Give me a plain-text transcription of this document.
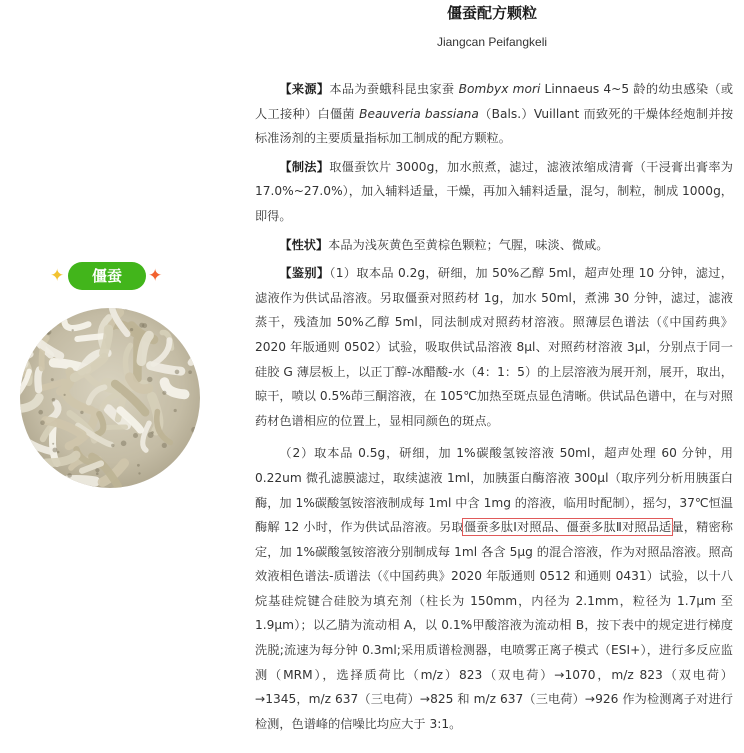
僵蚕配方颗粒
Jiangcan Peifangkeli
✦	僵蚕	✦

【来源】本品为蚕蛾科昆虫家蚕 Bombyx mori Linnaeus 4~5 龄的幼虫感染（或人工接种）白僵菌 Beauveria bassiana（Bals.）Vuillant 而致死的干燥体经炮制并按标准汤剂的主要质量指标加工制成的配方颗粒。

【制法】取僵蚕饮片 3000g，加水煎煮，滤过，滤液浓缩成清膏（干浸膏出膏率为 17.0%~27.0%），加入辅料适量，干燥，再加入辅料适量，混匀，制粒，制成 1000g，即得。

【性状】本品为浅灰黄色至黄棕色颗粒；气腥，味淡、微咸。

【鉴别】（1）取本品 0.2g，研细，加 50%乙醇 5ml，超声处理 10 分钟，滤过，滤液作为供试品溶液。另取僵蚕对照药材 1g，加水 50ml，煮沸 30 分钟，滤过，滤液蒸干，残渣加 50%乙醇 5ml，同法制成对照药材溶液。照薄层色谱法（《中国药典》2020 年版通则 0502）试验，吸取供试品溶液 8μl、对照药材溶液 3μl，分别点于同一硅胶 G 薄层板上，以正丁醇-冰醋酸-水（4：1：5）的上层溶液为展开剂，展开，取出，晾干，喷以 0.5%茚三酮溶液，在 105℃加热至斑点显色清晰。供试品色谱中，在与对照药材色谱相应的位置上，显相同颜色的斑点。

（2）取本品 0.5g，研细，加 1%碳酸氢铵溶液 50ml，超声处理 60 分钟，用 0.22um 微孔滤膜滤过，取续滤液 1ml，加胰蛋白酶溶液 300μl（取序列分析用胰蛋白酶，加 1%碳酸氢铵溶液制成每 1ml 中含 1mg 的溶液，临用时配制），摇匀，37℃恒温酶解 12 小时，作为供试品溶液。另取僵蚕多肽Ⅰ对照品、僵蚕多肽Ⅱ对照品适量，精密称定，加 1%碳酸氢铵溶液分别制成每 1ml 各含 5μg 的混合溶液，作为对照品溶液。照高效液相色谱法-质谱法（《中国药典》2020 年版通则 0512 和通则 0431）试验，以十八烷基硅烷键合硅胶为填充剂（柱长为 150mm，内径为 2.1mm，粒径为 1.7μm 至 1.9μm）；以乙腈为流动相 A，以 0.1%甲酸溶液为流动相 B，按下表中的规定进行梯度洗脱;流速为每分钟 0.3ml;采用质谱检测器，电喷雾正离子模式（ESI+），进行多反应监测（MRM），选择质荷比（m/z）823（双电荷）→1070，m/z 823（双电荷）→1345，m/z 637（三电荷）→825 和 m/z 637（三电荷）→926 作为检测离子对进行检测，色谱峰的信噪比均应大于 3:1。
